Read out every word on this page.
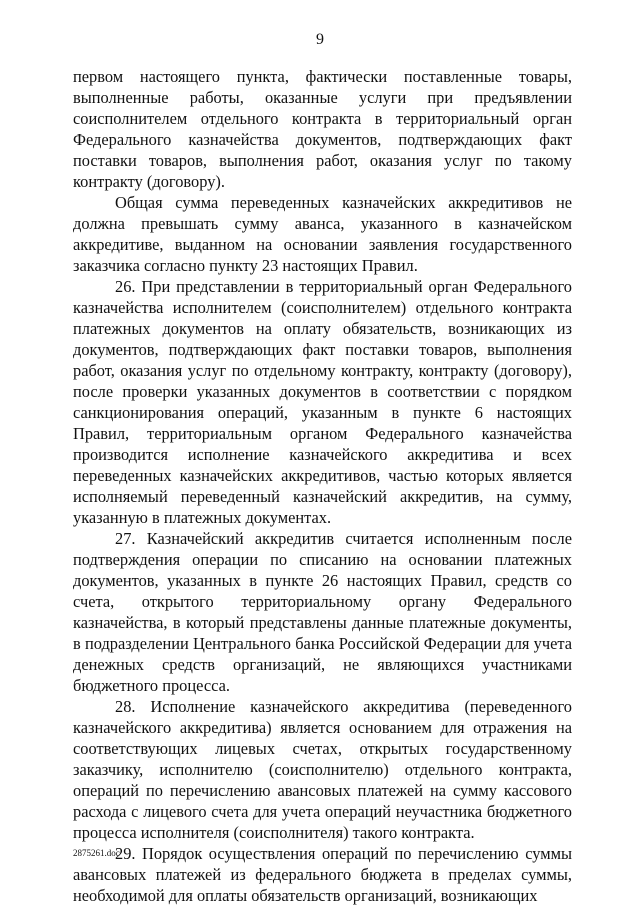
9

первом настоящего пункта, фактически поставленные товары, выполненные работы, оказанные услуги при предъявлении соисполнителем отдельного контракта в территориальный орган Федерального казначейства документов, подтверждающих факт поставки товаров, выполнения работ, оказания услуг по такому контракту (договору).

Общая сумма переведенных казначейских аккредитивов не должна превышать сумму аванса, указанного в казначейском аккредитиве, выданном на основании заявления государственного заказчика согласно пункту 23 настоящих Правил.

26. При представлении в территориальный орган Федерального казначейства исполнителем (соисполнителем) отдельного контракта платежных документов на оплату обязательств, возникающих из документов, подтверждающих факт поставки товаров, выполнения работ, оказания услуг по отдельному контракту, контракту (договору), после проверки указанных документов в соответствии с порядком санкционирования операций, указанным в пункте 6 настоящих Правил, территориальным органом Федерального казначейства производится исполнение казначейского аккредитива и всех переведенных казначейских аккредитивов, частью которых является исполняемый переведенный казначейский аккредитив, на сумму, указанную в платежных документах.

27. Казначейский аккредитив считается исполненным после подтверждения операции по списанию на основании платежных документов, указанных в пункте 26 настоящих Правил, средств со счета, открытого территориальному органу Федерального казначейства, в который представлены данные платежные документы, в подразделении Центрального банка Российской Федерации для учета денежных средств организаций, не являющихся участниками бюджетного процесса.

28. Исполнение казначейского аккредитива (переведенного казначейского аккредитива) является основанием для отражения на соответствующих лицевых счетах, открытых государственному заказчику, исполнителю (соисполнителю) отдельного контракта, операций по перечислению авансовых платежей на сумму кассового расхода с лицевого счета для учета операций неучастника бюджетного процесса исполнителя (соисполнителя) такого контракта.

29. Порядок осуществления операций по перечислению суммы авансовых платежей из федерального бюджета в пределах суммы, необходимой для оплаты обязательств организаций, возникающих

2875261.doc
